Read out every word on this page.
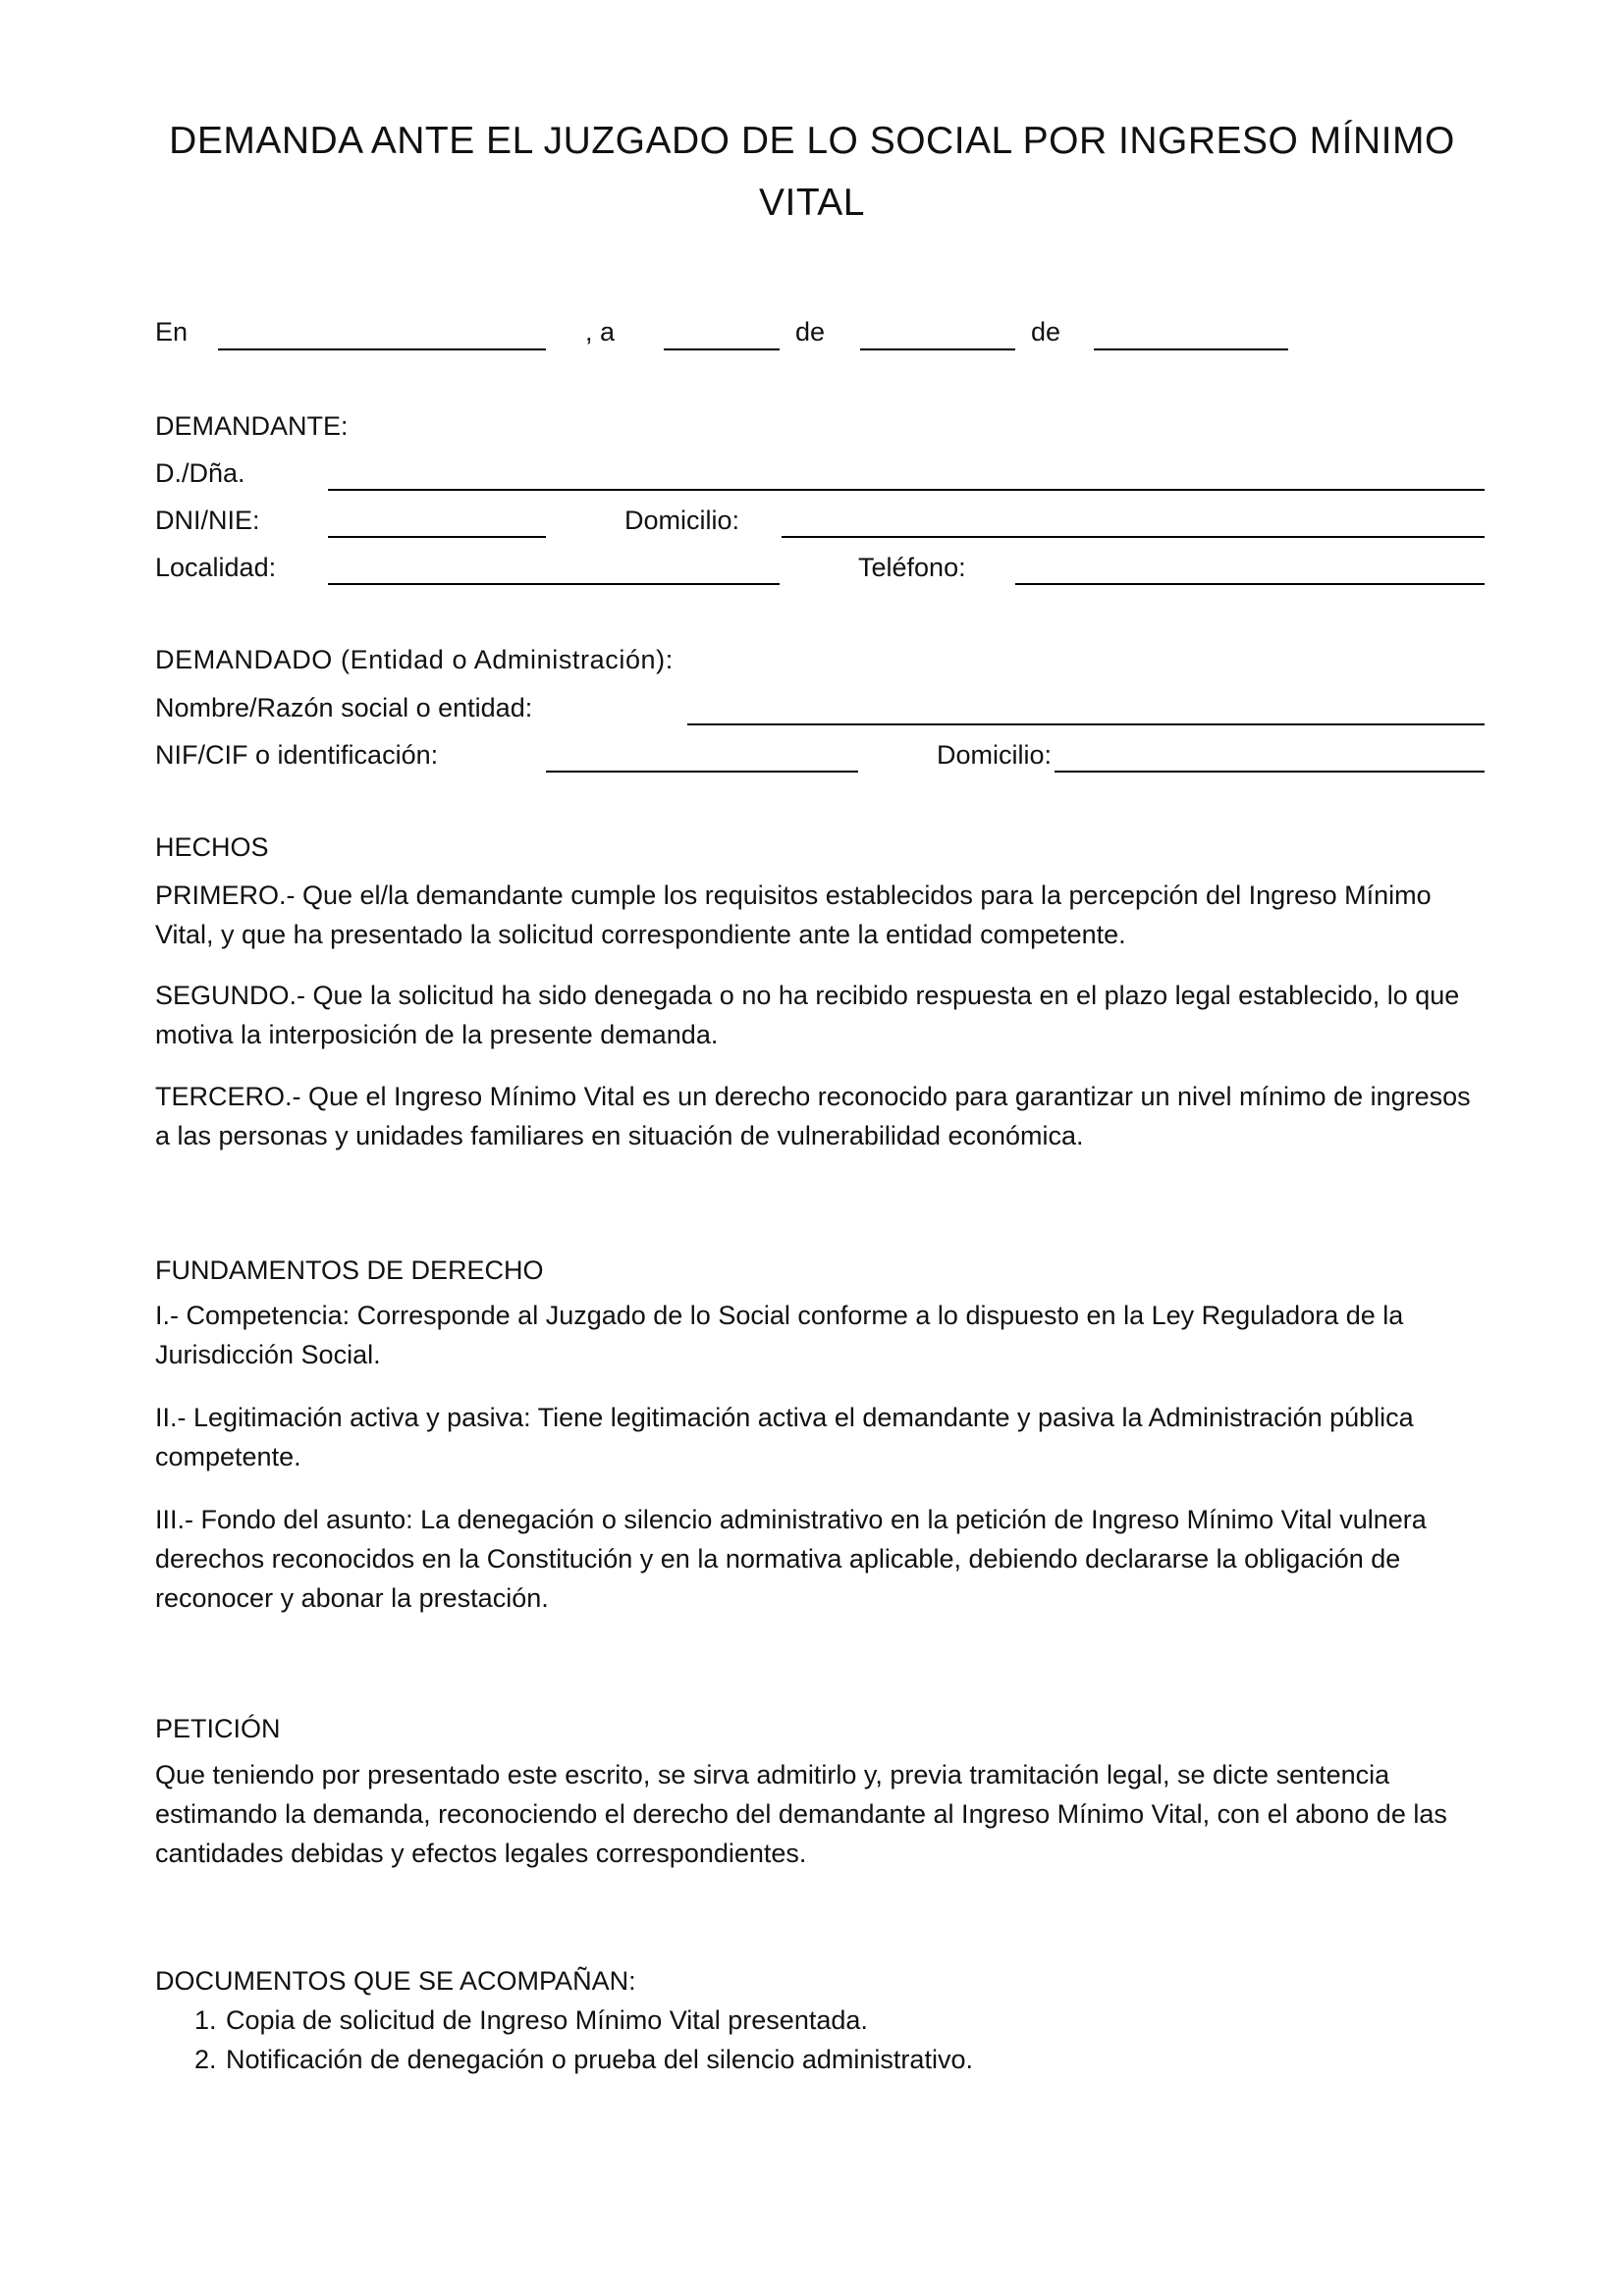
DEMANDA ANTE EL JUZGADO DE LO SOCIAL POR INGRESO MÍNIMO VITAL

En	, a	de	de

DEMANDANTE:

D./Dña.

DNI/NIE:	Domicilio:

Localidad:	Teléfono:

DEMANDADO (Entidad o Administración):

Nombre/Razón social o entidad:

NIF/CIF o identificación:	Domicilio:

HECHOS

PRIMERO.- Que el/la demandante cumple los requisitos establecidos para la percepción del Ingreso Mínimo Vital, y que ha presentado la solicitud correspondiente ante la entidad competente.

SEGUNDO.- Que la solicitud ha sido denegada o no ha recibido respuesta en el plazo legal establecido, lo que motiva la interposición de la presente demanda.

TERCERO.- Que el Ingreso Mínimo Vital es un derecho reconocido para garantizar un nivel mínimo de ingresos a las personas y unidades familiares en situación de vulnerabilidad económica.

FUNDAMENTOS DE DERECHO

I.- Competencia: Corresponde al Juzgado de lo Social conforme a lo dispuesto en la Ley Reguladora de la Jurisdicción Social.

II.- Legitimación activa y pasiva: Tiene legitimación activa el demandante y pasiva la Administración pública competente.

III.- Fondo del asunto: La denegación o silencio administrativo en la petición de Ingreso Mínimo Vital vulnera derechos reconocidos en la Constitución y en la normativa aplicable, debiendo declararse la obligación de reconocer y abonar la prestación.

PETICIÓN

Que teniendo por presentado este escrito, se sirva admitirlo y, previa tramitación legal, se dicte sentencia estimando la demanda, reconociendo el derecho del demandante al Ingreso Mínimo Vital, con el abono de las cantidades debidas y efectos legales correspondientes.

DOCUMENTOS QUE SE ACOMPAÑAN:

1. Copia de solicitud de Ingreso Mínimo Vital presentada.
2. Notificación de denegación o prueba del silencio administrativo.
